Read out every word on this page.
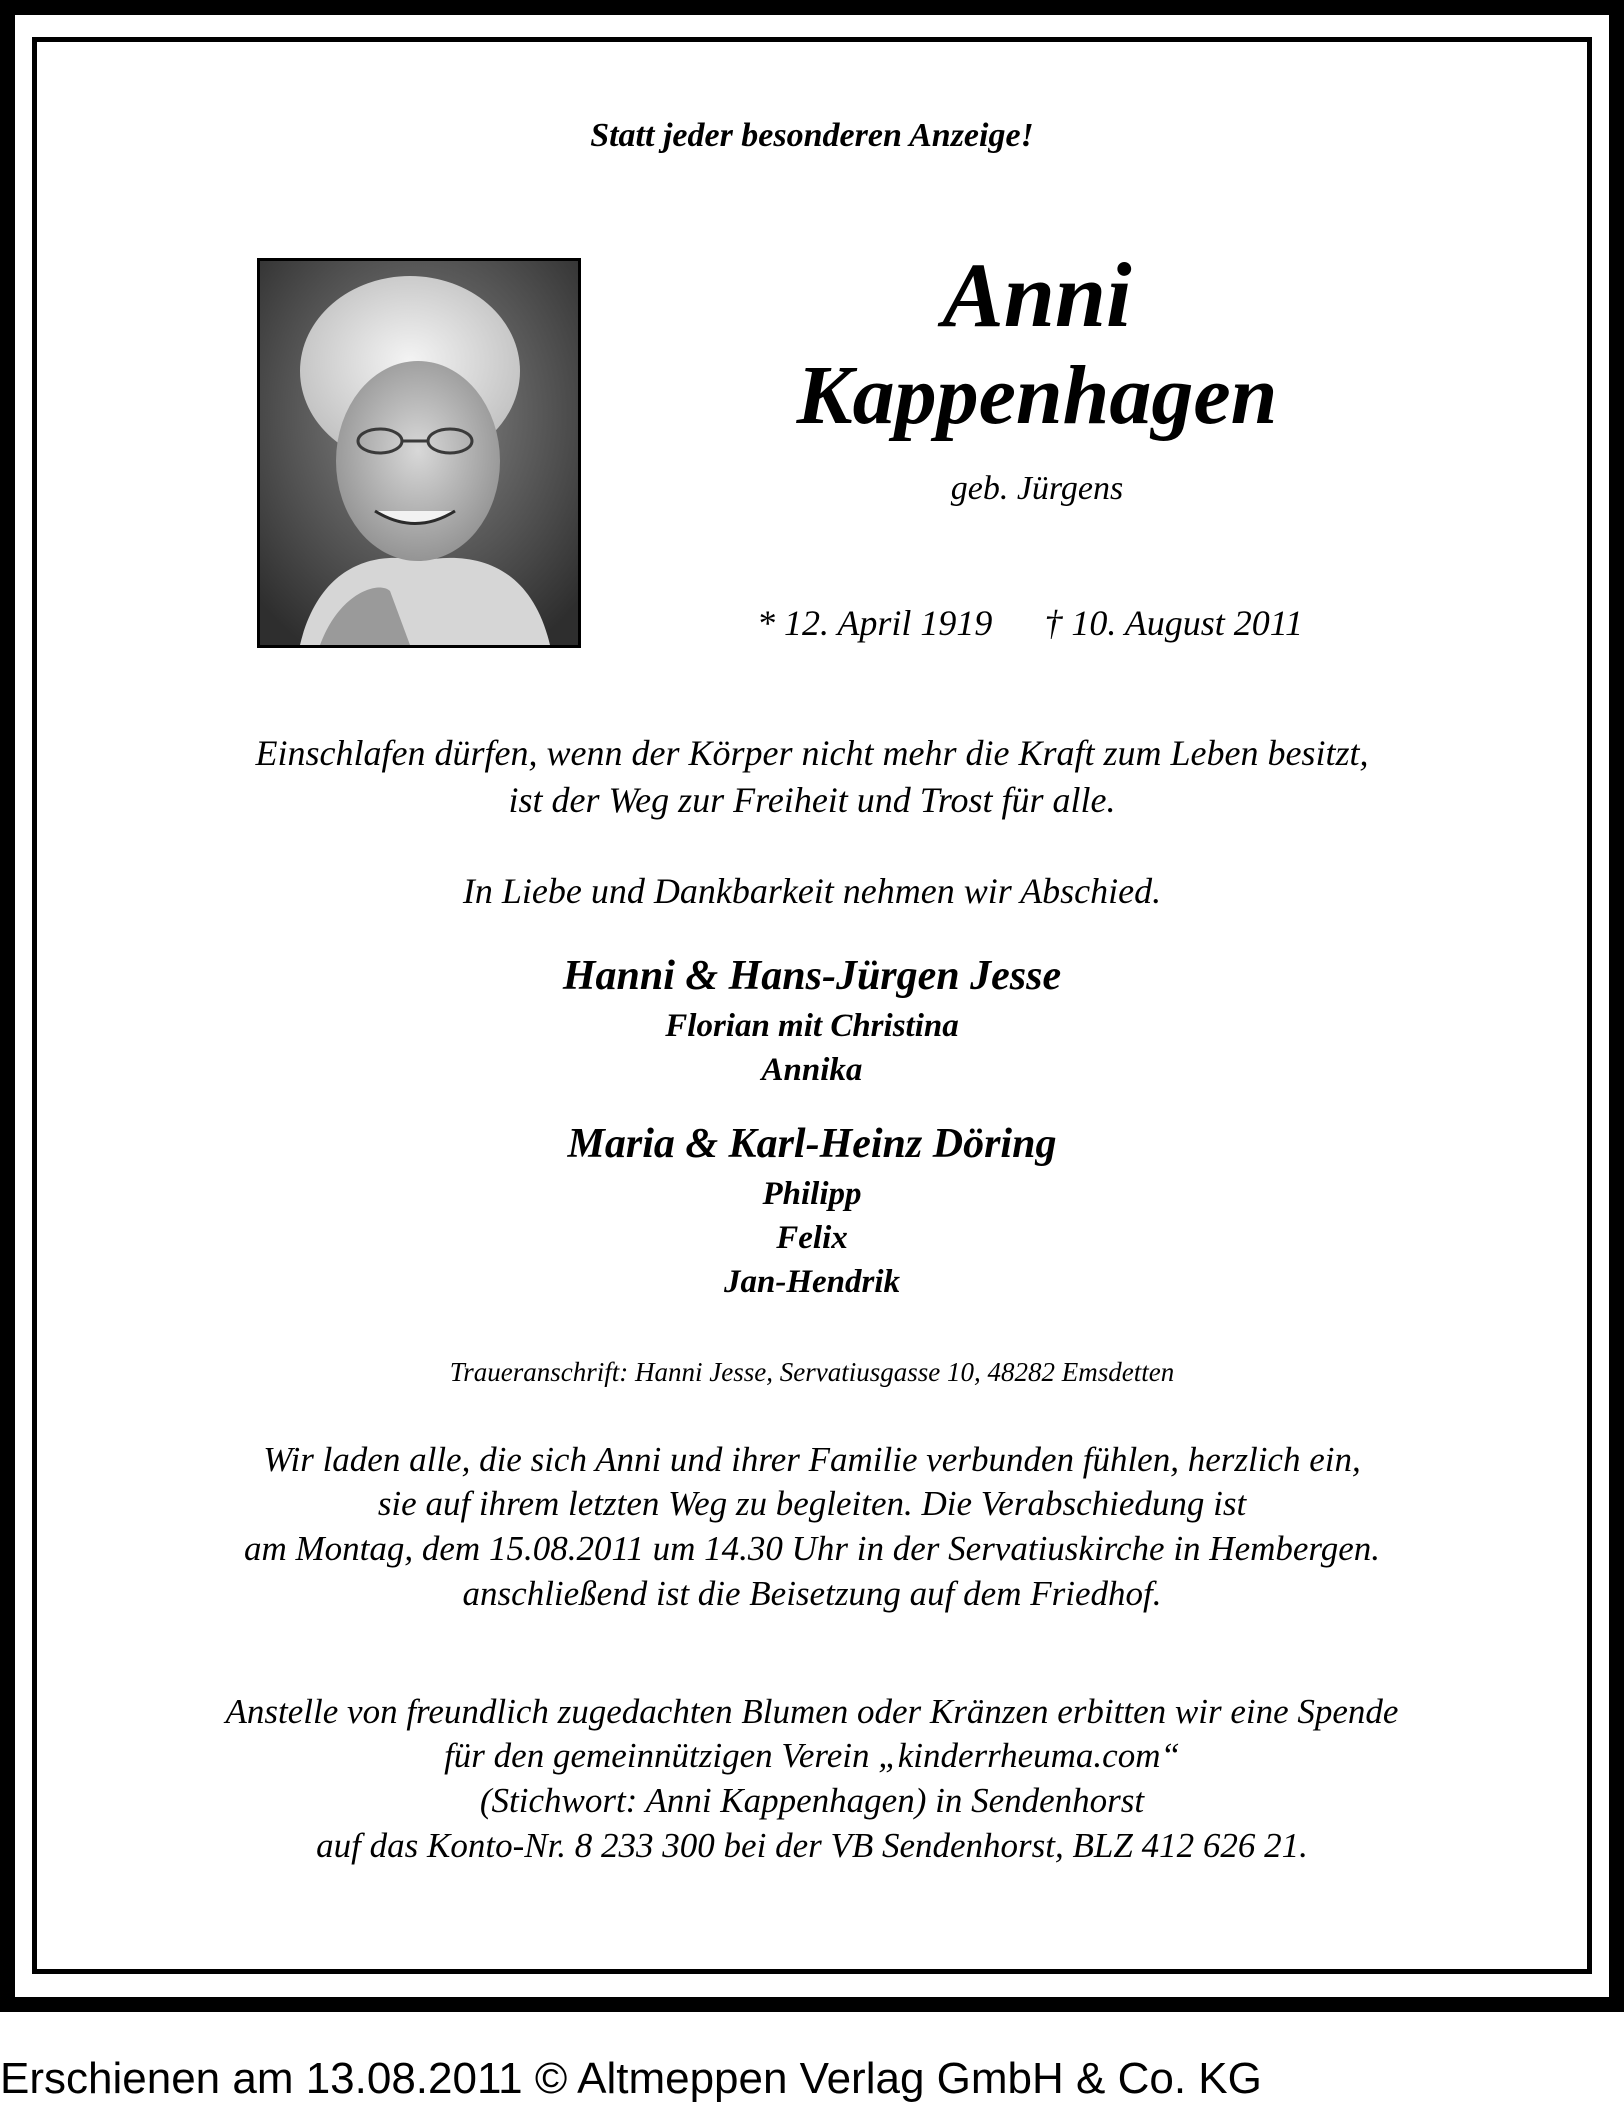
Statt jeder besonderen Anzeige!
Anni
Kappenhagen
geb. Jürgens
* 12. April 1919 † 10. August 2011
Einschlafen dürfen, wenn der Körper nicht mehr die Kraft zum Leben besitzt,
ist der Weg zur Freiheit und Trost für alle.
In Liebe und Dankbarkeit nehmen wir Abschied.
Hanni & Hans-Jürgen Jesse
Florian mit Christina
Annika
Maria & Karl-Heinz Döring
Philipp
Felix
Jan-Hendrik
Traueranschrift: Hanni Jesse, Servatiusgasse 10, 48282 Emsdetten
Wir laden alle, die sich Anni und ihrer Familie verbunden fühlen, herzlich ein,
sie auf ihrem letzten Weg zu begleiten. Die Verabschiedung ist
am Montag, dem 15.08.2011 um 14.30 Uhr in der Servatiuskirche in Hembergen.
anschließend ist die Beisetzung auf dem Friedhof.
Anstelle von freundlich zugedachten Blumen oder Kränzen erbitten wir eine Spende
für den gemeinnützigen Verein „kinderrheuma.com“
(Stichwort: Anni Kappenhagen) in Sendenhorst
auf das Konto-Nr. 8 233 300 bei der VB Sendenhorst, BLZ 412 626 21.
Erschienen am 13.08.2011 © Altmeppen Verlag GmbH & Co. KG
